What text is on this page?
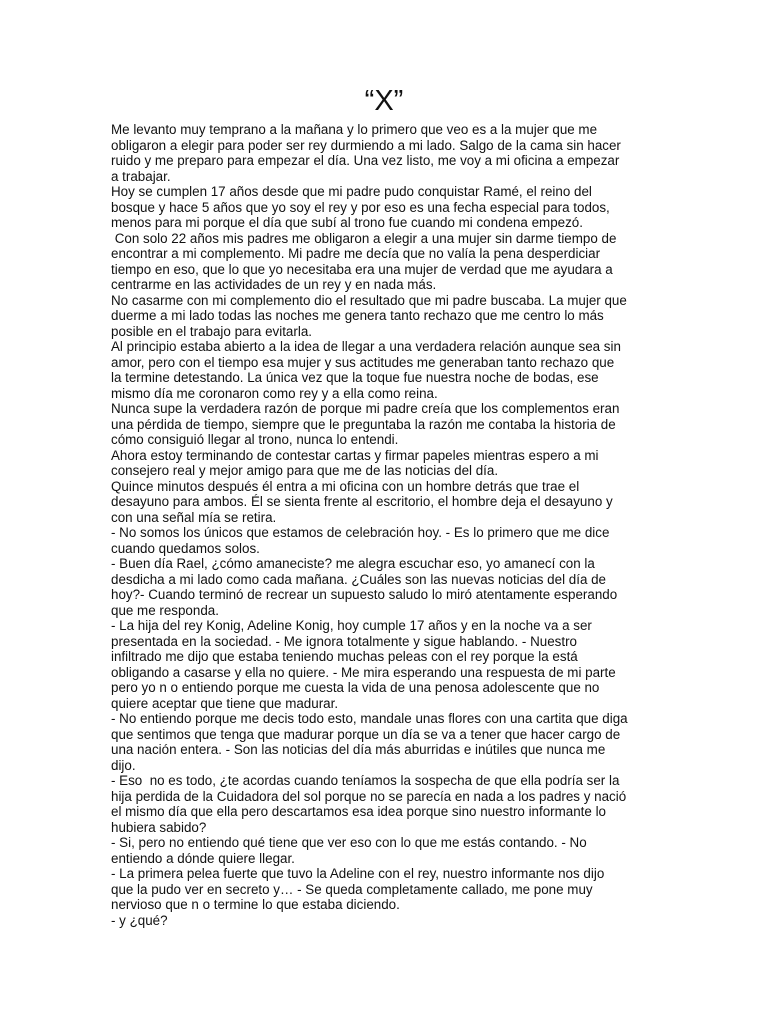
“X”
Me levanto muy temprano a la mañana y lo primero que veo es a la mujer que me
obligaron a elegir para poder ser rey durmiendo a mi lado. Salgo de la cama sin hacer
ruido y me preparo para empezar el día. Una vez listo, me voy a mi oficina a empezar
a trabajar.
Hoy se cumplen 17 años desde que mi padre pudo conquistar Ramé, el reino del
bosque y hace 5 años que yo soy el rey y por eso es una fecha especial para todos,
menos para mi porque el día que subí al trono fue cuando mi condena empezó.
Con solo 22 años mis padres me obligaron a elegir a una mujer sin darme tiempo de
encontrar a mi complemento. Mi padre me decía que no valía la pena desperdiciar
tiempo en eso, que lo que yo necesitaba era una mujer de verdad que me ayudara a
centrarme en las actividades de un rey y en nada más.
No casarme con mi complemento dio el resultado que mi padre buscaba. La mujer que
duerme a mi lado todas las noches me genera tanto rechazo que me centro lo más
posible en el trabajo para evitarla.
Al principio estaba abierto a la idea de llegar a una verdadera relación aunque sea sin
amor, pero con el tiempo esa mujer y sus actitudes me generaban tanto rechazo que
la termine detestando. La única vez que la toque fue nuestra noche de bodas, ese
mismo día me coronaron como rey y a ella como reina.
Nunca supe la verdadera razón de porque mi padre creía que los complementos eran
una pérdida de tiempo, siempre que le preguntaba la razón me contaba la historia de
cómo consiguió llegar al trono, nunca lo entendi.
Ahora estoy terminando de contestar cartas y firmar papeles mientras espero a mi
consejero real y mejor amigo para que me de las noticias del día.
Quince minutos después él entra a mi oficina con un hombre detrás que trae el
desayuno para ambos. Él se sienta frente al escritorio, el hombre deja el desayuno y
con una señal mía se retira.
- No somos los únicos que estamos de celebración hoy. - Es lo primero que me dice
cuando quedamos solos.
- Buen día Rael, ¿cómo amaneciste? me alegra escuchar eso, yo amanecí con la
desdicha a mi lado como cada mañana. ¿Cuáles son las nuevas noticias del día de
hoy?- Cuando terminó de recrear un supuesto saludo lo miró atentamente esperando
que me responda.
- La hija del rey Konig, Adeline Konig, hoy cumple 17 años y en la noche va a ser
presentada en la sociedad. - Me ignora totalmente y sigue hablando. - Nuestro
infiltrado me dijo que estaba teniendo muchas peleas con el rey porque la está
obligando a casarse y ella no quiere. - Me mira esperando una respuesta de mi parte
pero yo n o entiendo porque me cuesta la vida de una penosa adolescente que no
quiere aceptar que tiene que madurar.
- No entiendo porque me decis todo esto, mandale unas flores con una cartita que diga
que sentimos que tenga que madurar porque un día se va a tener que hacer cargo de
una nación entera. - Son las noticias del día más aburridas e inútiles que nunca me
dijo.
- Eso  no es todo, ¿te acordas cuando teníamos la sospecha de que ella podría ser la
hija perdida de la Cuidadora del sol porque no se parecía en nada a los padres y nació
el mismo día que ella pero descartamos esa idea porque sino nuestro informante lo
hubiera sabido?
- Si, pero no entiendo qué tiene que ver eso con lo que me estás contando. - No
entiendo a dónde quiere llegar.
- La primera pelea fuerte que tuvo la Adeline con el rey, nuestro informante nos dijo
que la pudo ver en secreto y… - Se queda completamente callado, me pone muy
nervioso que n o termine lo que estaba diciendo.
- y ¿qué?
